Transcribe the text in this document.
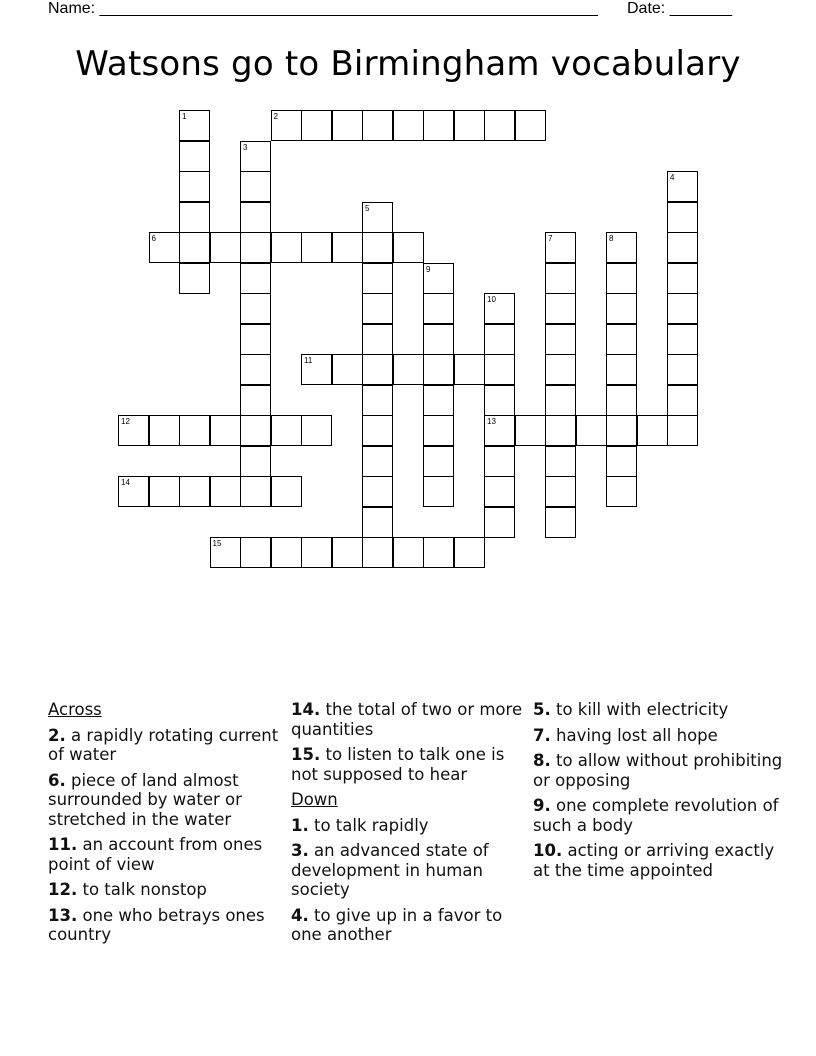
Name: ________________________________________________________ Date: _______
Watsons go to Birmingham vocabulary
1	2
3
4
5
6	7	8
9
10
13
11
12
14
15
Across
2. a rapidly rotating current of water
6. piece of land almost surrounded by water or stretched in the water
11. an account from ones point of view
12. to talk nonstop
13. one who betrays ones country
14. the total of two or more quantities
15. to listen to talk one is not supposed to hear
Down
1. to talk rapidly
3. an advanced state of development in human society
4. to give up in a favor to one another
5. to kill with electricity
7. having lost all hope
8. to allow without prohibiting or opposing
9. one complete revolution of such a body
10. acting or arriving exactly at the time appointed
